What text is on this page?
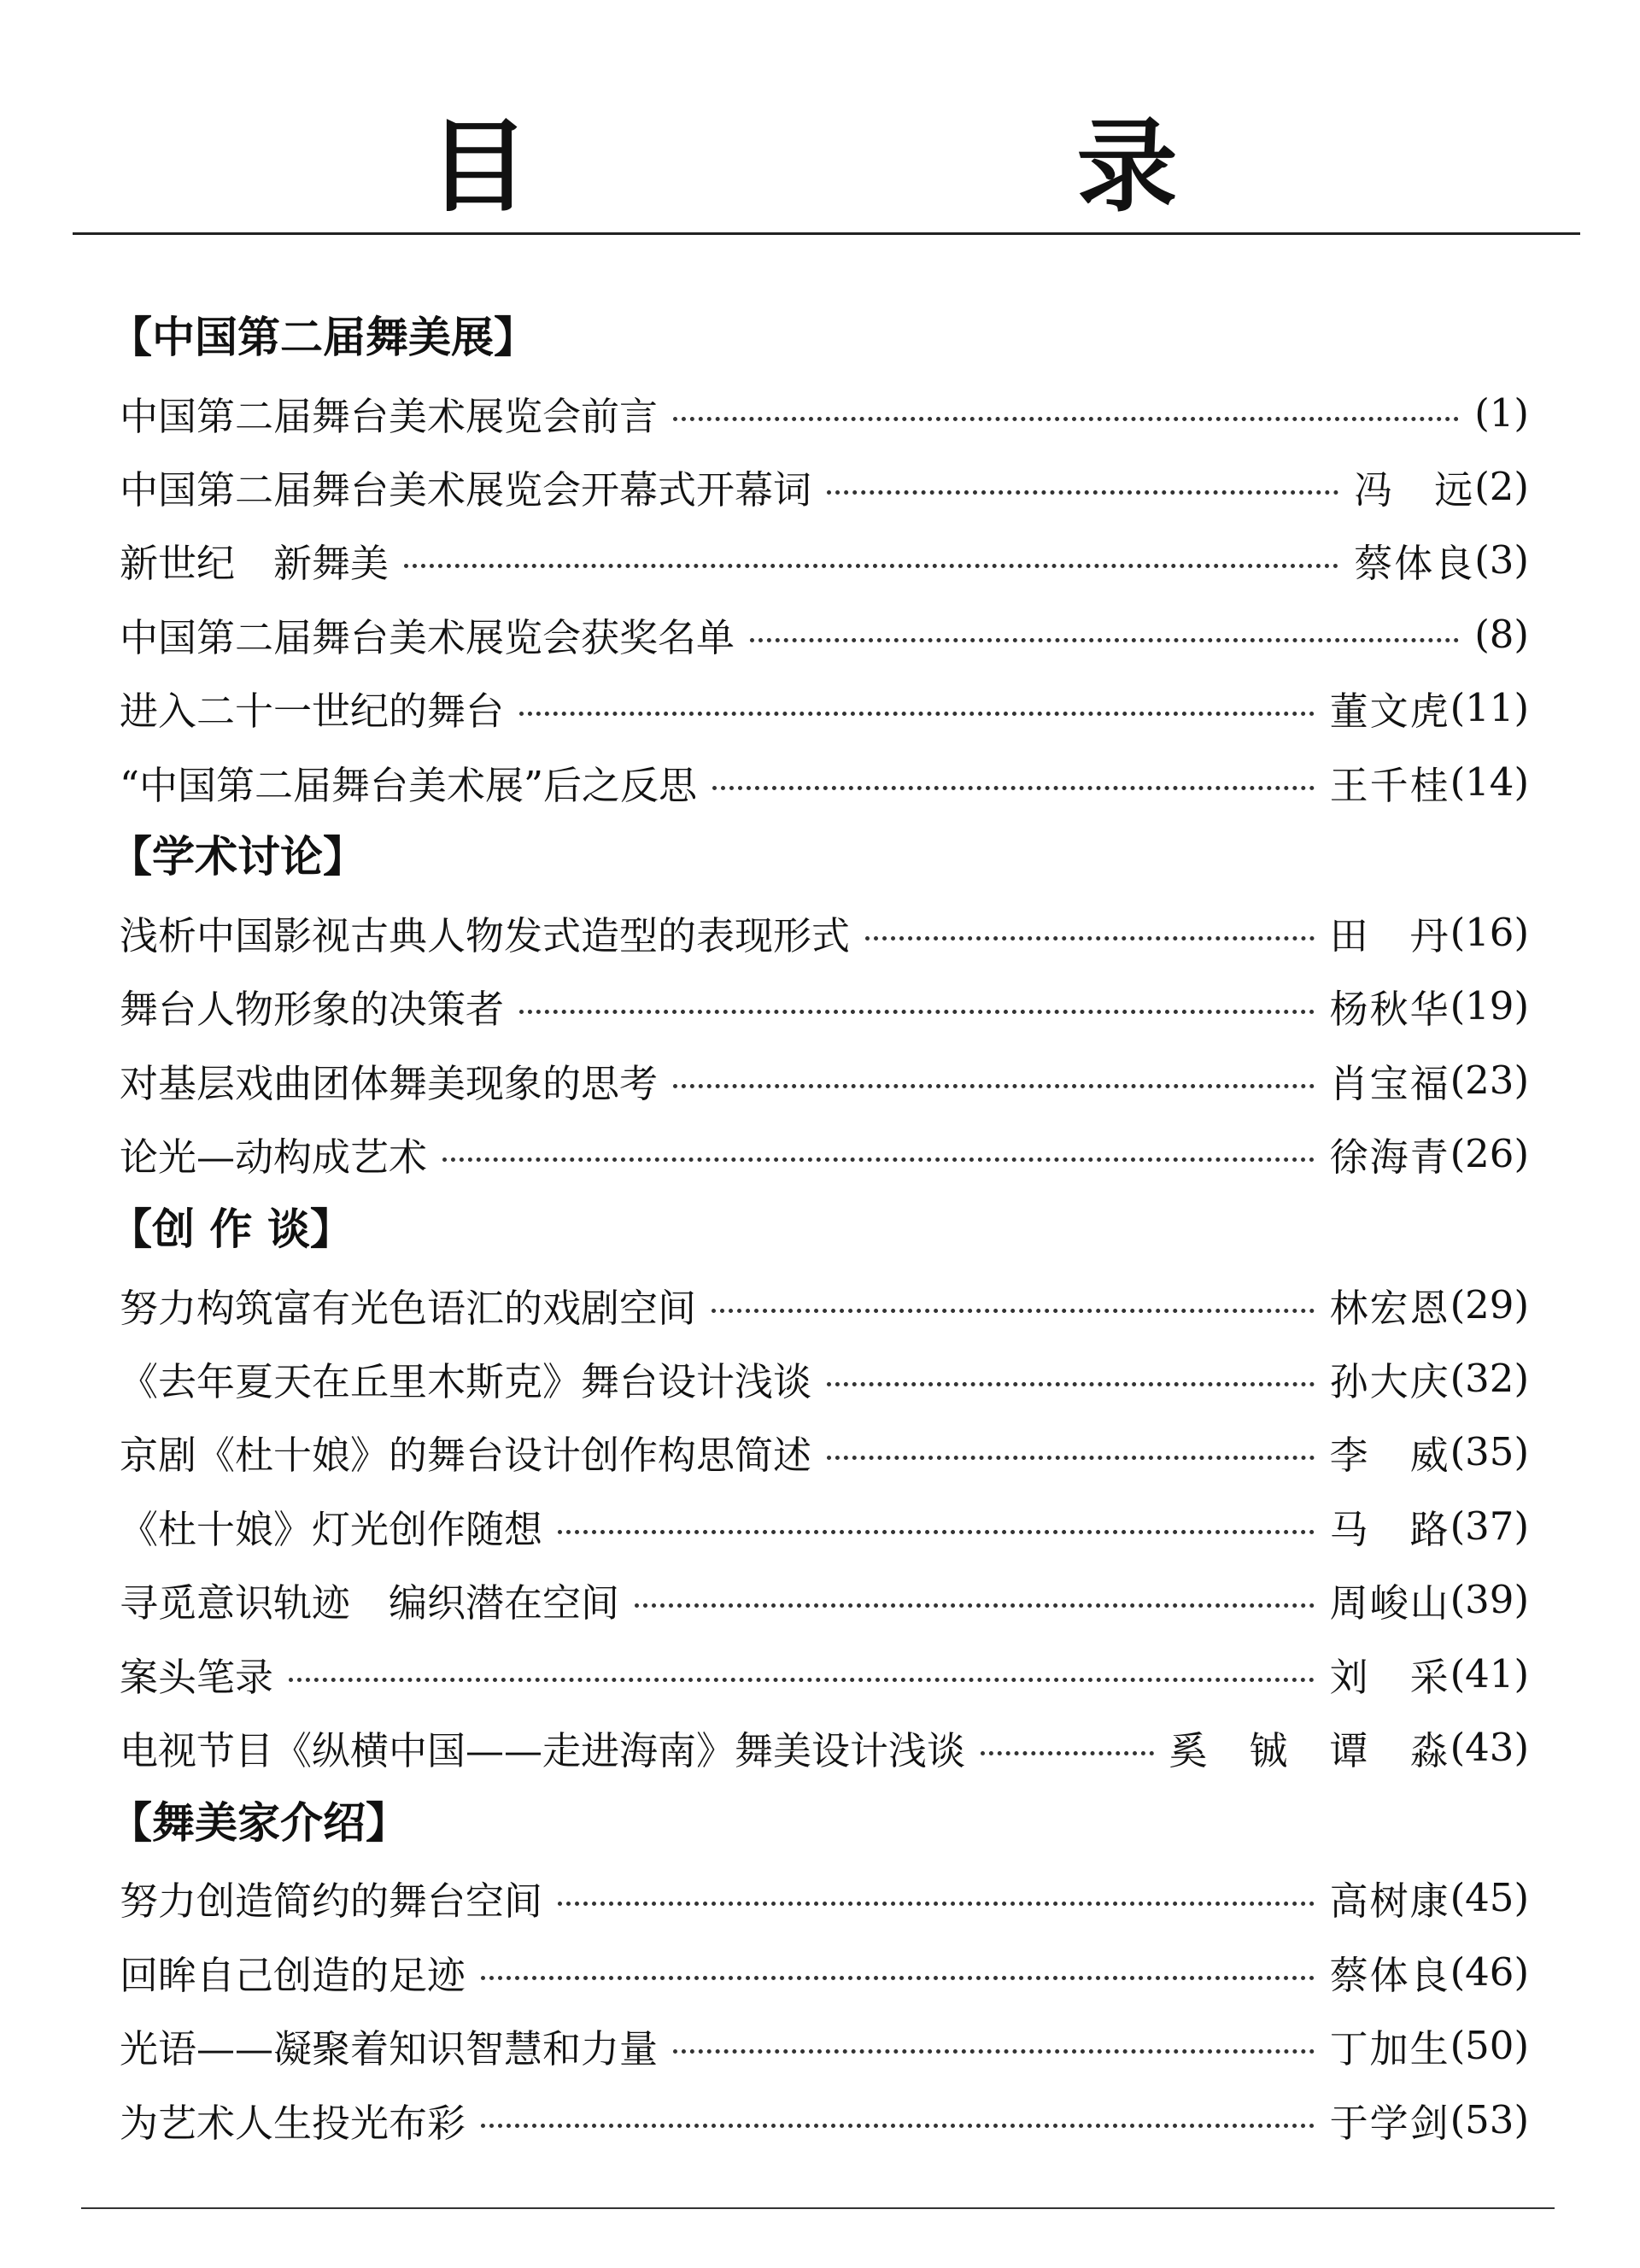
目 录
【中国第二届舞美展】
中国第二届舞台美术展览会前言	(1)
中国第二届舞台美术展览会开幕式开幕词	冯　远 (2)
新世纪　新舞美	蔡体良 (3)
中国第二届舞台美术展览会获奖名单	(8)
进入二十一世纪的舞台	董文虎 (11)
“中国第二届舞台美术展”后之反思	王千桂 (14)
【学术讨论】
浅析中国影视古典人物发式造型的表现形式	田　丹 (16)
舞台人物形象的决策者	杨秋华 (19)
对基层戏曲团体舞美现象的思考	肖宝福 (23)
论光—动构成艺术	徐海青 (26)
【创 作 谈】
努力构筑富有光色语汇的戏剧空间	林宏恩 (29)
《去年夏天在丘里木斯克》舞台设计浅谈	孙大庆 (32)
京剧《杜十娘》的舞台设计创作构思简述	李　威 (35)
《杜十娘》灯光创作随想	马　路 (37)
寻觅意识轨迹　编织潜在空间	周峻山 (39)
案头笔录	刘　采 (41)
电视节目《纵横中国——走进海南》舞美设计浅谈	奚　铖　谭　淼 (43)
【舞美家介绍】
努力创造简约的舞台空间	高树康 (45)
回眸自己创造的足迹	蔡体良 (46)
光语——凝聚着知识智慧和力量	丁加生 (50)
为艺术人生投光布彩	于学剑 (53)
